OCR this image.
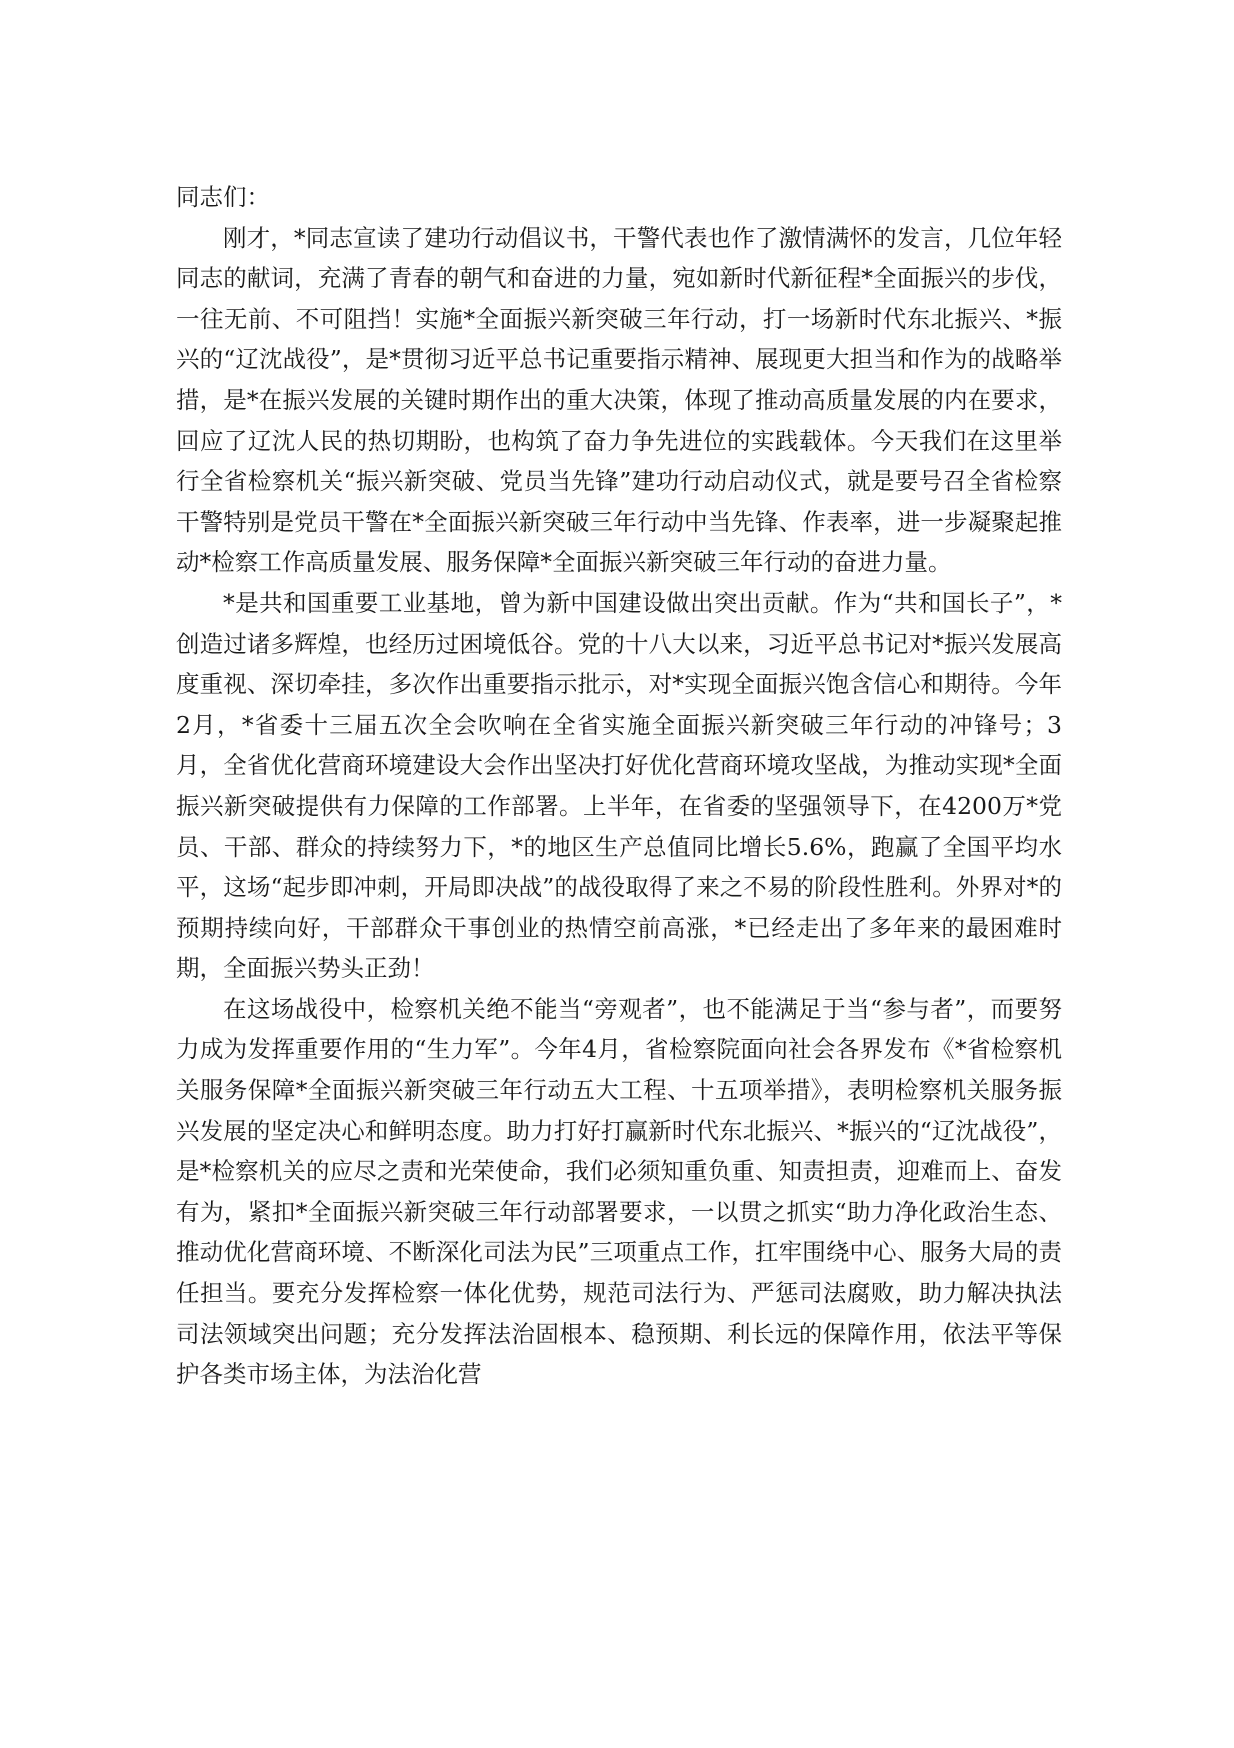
同志们：

刚才，*同志宣读了建功行动倡议书，干警代表也作了激情满怀的发言，几位年轻同志的献词，充满了青春的朝气和奋进的力量，宛如新时代新征程*全面振兴的步伐，一往无前、不可阻挡！实施*全面振兴新突破三年行动，打一场新时代东北振兴、*振兴的“辽沈战役”，是*贯彻习近平总书记重要指示精神、展现更大担当和作为的战略举措，是*在振兴发展的关键时期作出的重大决策，体现了推动高质量发展的内在要求，回应了辽沈人民的热切期盼，也构筑了奋力争先进位的实践载体。今天我们在这里举行全省检察机关“振兴新突破、党员当先锋”建功行动启动仪式，就是要号召全省检察干警特别是党员干警在*全面振兴新突破三年行动中当先锋、作表率，进一步凝聚起推动*检察工作高质量发展、服务保障*全面振兴新突破三年行动的奋进力量。

*是共和国重要工业基地，曾为新中国建设做出突出贡献。作为“共和国长子”，*创造过诸多辉煌，也经历过困境低谷。党的十八大以来，习近平总书记对*振兴发展高度重视、深切牵挂，多次作出重要指示批示，对*实现全面振兴饱含信心和期待。今年2月，*省委十三届五次全会吹响在全省实施全面振兴新突破三年行动的冲锋号；3月，全省优化营商环境建设大会作出坚决打好优化营商环境攻坚战，为推动实现*全面振兴新突破提供有力保障的工作部署。上半年，在省委的坚强领导下，在4200万*党员、干部、群众的持续努力下，*的地区生产总值同比增长5.6%，跑赢了全国平均水平，这场“起步即冲刺，开局即决战”的战役取得了来之不易的阶段性胜利。外界对*的预期持续向好，干部群众干事创业的热情空前高涨，*已经走出了多年来的最困难时期，全面振兴势头正劲！

在这场战役中，检察机关绝不能当“旁观者”，也不能满足于当“参与者”，而要努力成为发挥重要作用的“生力军”。今年4月，省检察院面向社会各界发布《*省检察机关服务保障*全面振兴新突破三年行动五大工程、十五项举措》，表明检察机关服务振兴发展的坚定决心和鲜明态度。助力打好打赢新时代东北振兴、*振兴的“辽沈战役”，是*检察机关的应尽之责和光荣使命，我们必须知重负重、知责担责，迎难而上、奋发有为，紧扣*全面振兴新突破三年行动部署要求，一以贯之抓实“助力净化政治生态、推动优化营商环境、不断深化司法为民”三项重点工作，扛牢围绕中心、服务大局的责任担当。要充分发挥检察一体化优势，规范司法行为、严惩司法腐败，助力解决执法司法领域突出问题；充分发挥法治固根本、稳预期、利长远的保障作用，依法平等保护各类市场主体，为法治化营
